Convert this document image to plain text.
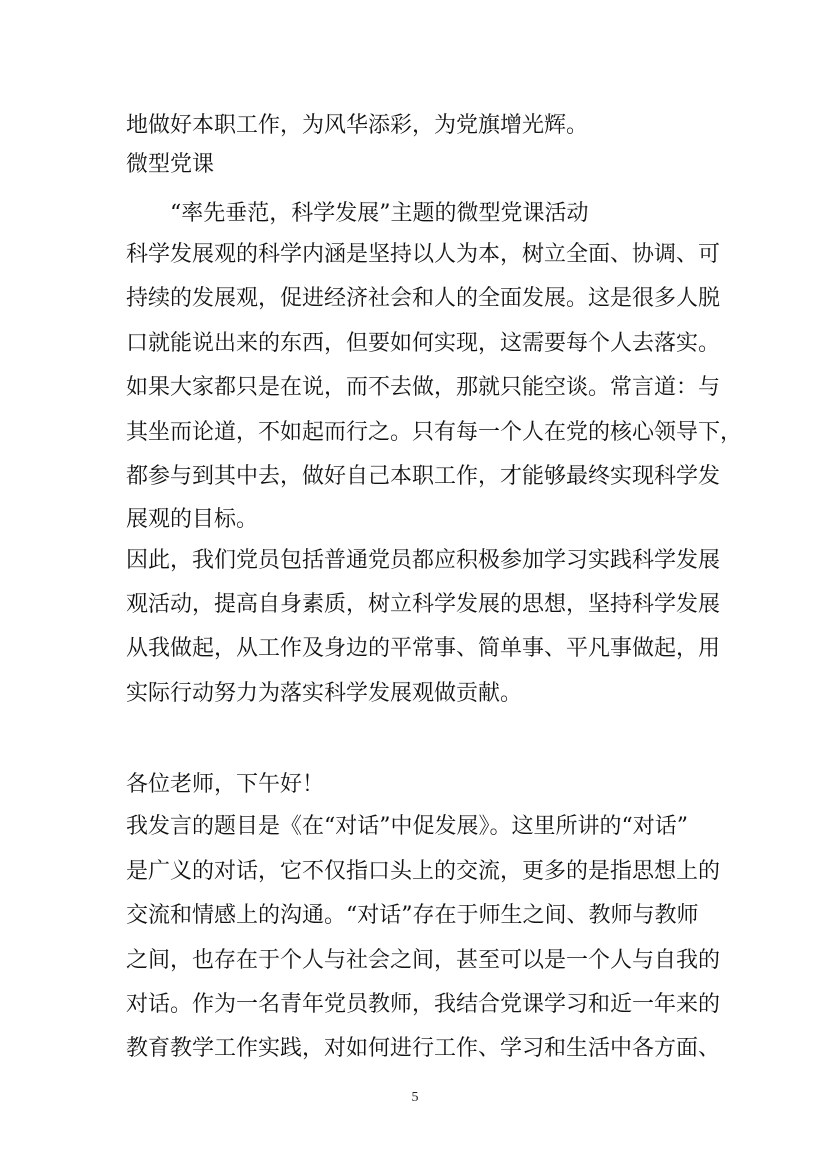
地做好本职工作，为风华添彩，为党旗增光辉。
微型党课
“率先垂范，科学发展”主题的微型党课活动
科学发展观的科学内涵是坚持以人为本，树立全面、协调、可
持续的发展观，促进经济社会和人的全面发展。这是很多人脱
口就能说出来的东西，但要如何实现，这需要每个人去落实。
如果大家都只是在说，而不去做，那就只能空谈。常言道：与
其坐而论道，不如起而行之。只有每一个人在党的核心领导下，
都参与到其中去，做好自己本职工作，才能够最终实现科学发
展观的目标。
因此，我们党员包括普通党员都应积极参加学习实践科学发展
观活动，提高自身素质，树立科学发展的思想，坚持科学发展
从我做起，从工作及身边的平常事、简单事、平凡事做起，用
实际行动努力为落实科学发展观做贡献。
各位老师，下午好！
我发言的题目是《在“对话”中促发展》。这里所讲的“对话”
是广义的对话，它不仅指口头上的交流，更多的是指思想上的
交流和情感上的沟通。“对话”存在于师生之间、教师与教师
之间，也存在于个人与社会之间，甚至可以是一个人与自我的
对话。作为一名青年党员教师，我结合党课学习和近一年来的
教育教学工作实践，对如何进行工作、学习和生活中各方面、
5
